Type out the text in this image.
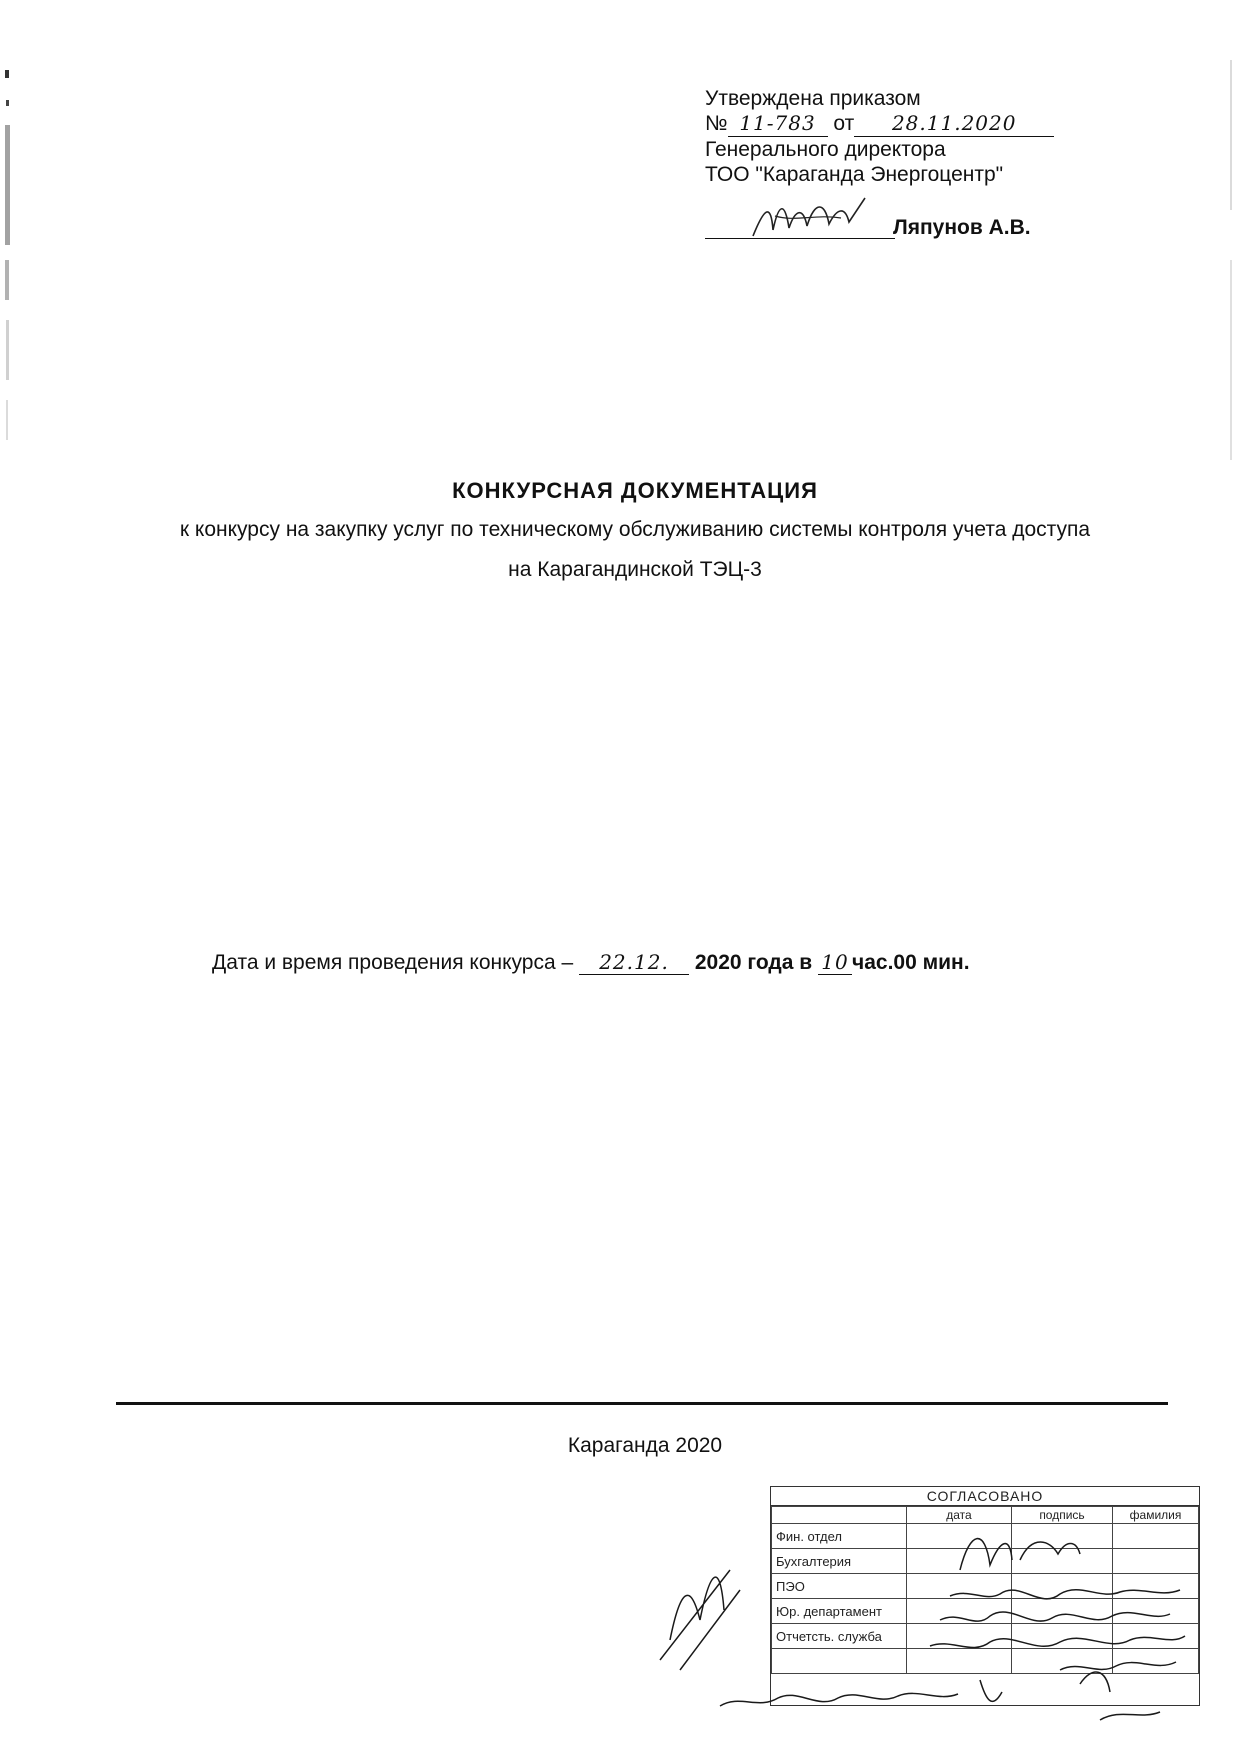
Утверждена приказом
№ 11-783 от 28.11.2020
Генерального директора
ТОО "Караганда Энергоцентр"
Ляпунов А.В.
КОНКУРСНАЯ ДОКУМЕНТАЦИЯ
к конкурсу на закупку услуг по техническому обслуживанию системы контроля учета доступа
на Карагандинской ТЭЦ-3
Дата и время проведения конкурса – 22.12. 2020 года в 10 час.00 мин.
Караганда 2020
СОГЛАСОВАНО
	дата	подпись	фамилия
Фин. отдел			
Бухгалтерия			
ПЭО			
Юр. департамент			
Отчетсть. служба			
